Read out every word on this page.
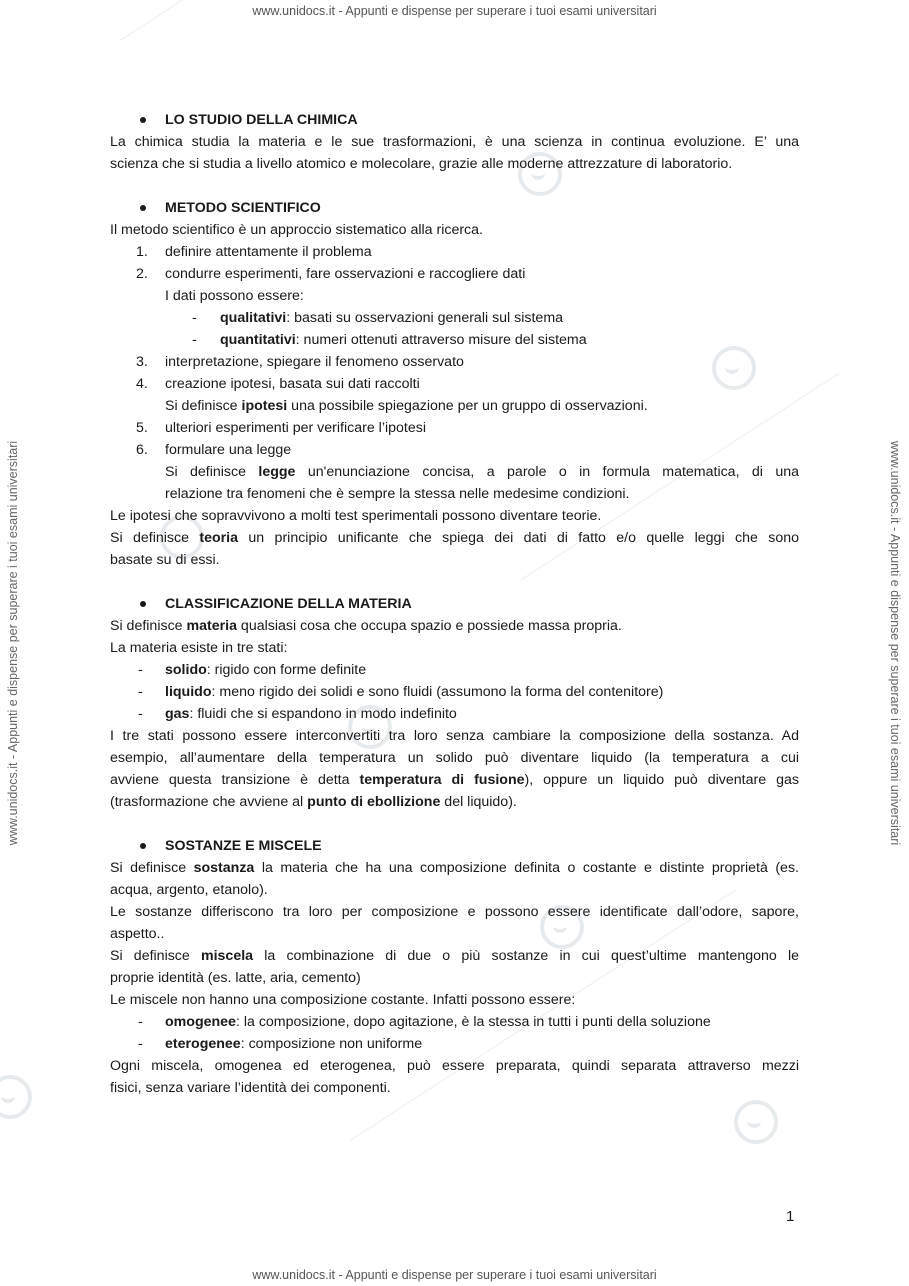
www.unidocs.it - Appunti e dispense per superare i tuoi esami universitari
www.unidocs.it - Appunti e dispense per superare i tuoi esami universitari
www.unidocs.it - Appunti e dispense per superare i tuoi esami universitari	www.unidocs.it - Appunti e dispense per superare i tuoi esami universitari
LO STUDIO DELLA CHIMICA
La chimica studia la materia e le sue trasformazioni, è una scienza in continua evoluzione. E’ una
scienza che si studia a livello atomico e molecolare, grazie alle moderne attrezzature di laboratorio.
METODO SCIENTIFICO
Il metodo scientifico è un approccio sistematico alla ricerca.
1. definire attentamente il problema
2. condurre esperimenti, fare osservazioni e raccogliere dati
I dati possono essere:
- qualitativi: basati su osservazioni generali sul sistema
- quantitativi: numeri ottenuti attraverso misure del sistema
3. interpretazione, spiegare il fenomeno osservato
4. creazione ipotesi, basata sui dati raccolti
Si definisce ipotesi una possibile spiegazione per un gruppo di osservazioni.
5. ulteriori esperimenti per verificare l’ipotesi
6. formulare una legge
Si definisce legge un'enunciazione concisa, a parole o in formula matematica, di una
relazione tra fenomeni che è sempre la stessa nelle medesime condizioni.
Le ipotesi che sopravvivono a molti test sperimentali possono diventare teorie.
Si definisce teoria un principio unificante che spiega dei dati di fatto e/o quelle leggi che sono
basate su di essi.
CLASSIFICAZIONE DELLA MATERIA
Si definisce materia qualsiasi cosa che occupa spazio e possiede massa propria.
La materia esiste in tre stati:
- solido: rigido con forme definite
- liquido: meno rigido dei solidi e sono fluidi (assumono la forma del contenitore)
- gas: fluidi che si espandono in modo indefinito
I tre stati possono essere interconvertiti tra loro senza cambiare la composizione della sostanza. Ad
esempio, all’aumentare della temperatura un solido può diventare liquido (la temperatura a cui
avviene questa transizione è detta temperatura di fusione), oppure un liquido può diventare gas
(trasformazione che avviene al punto di ebollizione del liquido).
SOSTANZE E MISCELE
Si definisce sostanza la materia che ha una composizione definita o costante e distinte proprietà (es.
acqua, argento, etanolo).
Le sostanze differiscono tra loro per composizione e possono essere identificate dall’odore, sapore,
aspetto..
Si definisce miscela la combinazione di due o più sostanze in cui quest’ultime mantengono le
proprie identità (es. latte, aria, cemento)
Le miscele non hanno una composizione costante. Infatti possono essere:
- omogenee: la composizione, dopo agitazione, è la stessa in tutti i punti della soluzione
- eterogenee: composizione non uniforme
Ogni miscela, omogenea ed eterogenea, può essere preparata, quindi separata attraverso mezzi
fisici, senza variare l’identità dei componenti.
1
